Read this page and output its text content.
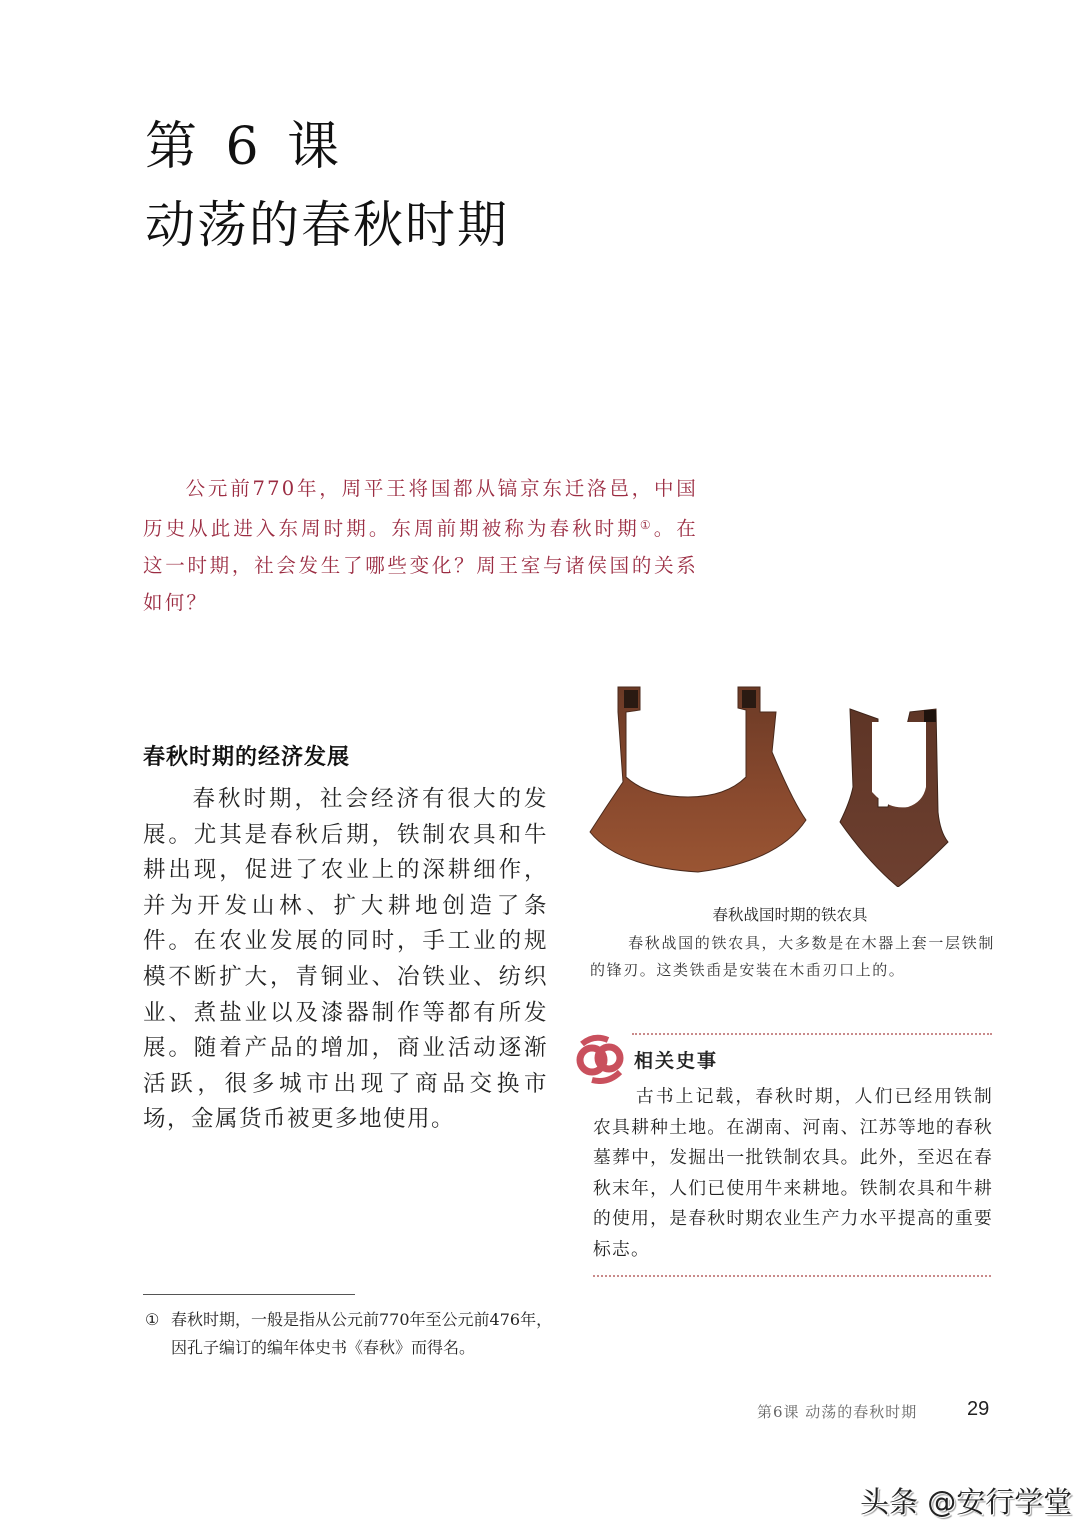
第 6 课
动荡的春秋时期
公元前770年，周平王将国都从镐京东迁洛邑，中国历史从此进入东周时期。东周前期被称为春秋时期①。在这一时期，社会发生了哪些变化？周王室与诸侯国的关系如何？
春秋时期的经济发展
春秋时期，社会经济有很大的发展。尤其是春秋后期，铁制农具和牛耕出现，促进了农业上的深耕细作，并为开发山林、扩大耕地创造了条件。在农业发展的同时，手工业的规模不断扩大，青铜业、冶铁业、纺织业、煮盐业以及漆器制作等都有所发展。随着产品的增加，商业活动逐渐活跃，很多城市出现了商品交换市场，金属货币被更多地使用。
春秋战国时期的铁农具
春秋战国的铁农具，大多数是在木器上套一层铁制的锋刃。这类铁臿是安装在木臿刃口上的。
相关史事
古书上记载，春秋时期，人们已经用铁制农具耕种土地。在湖南、河南、江苏等地的春秋墓葬中，发掘出一批铁制农具。此外，至迟在春秋末年，人们已使用牛来耕地。铁制农具和牛耕的使用，是春秋时期农业生产力水平提高的重要标志。
① 春秋时期，一般是指从公元前770年至公元前476年，
因孔子编订的编年体史书《春秋》而得名。
第6课 动荡的春秋时期 29
头条 @安行学堂
